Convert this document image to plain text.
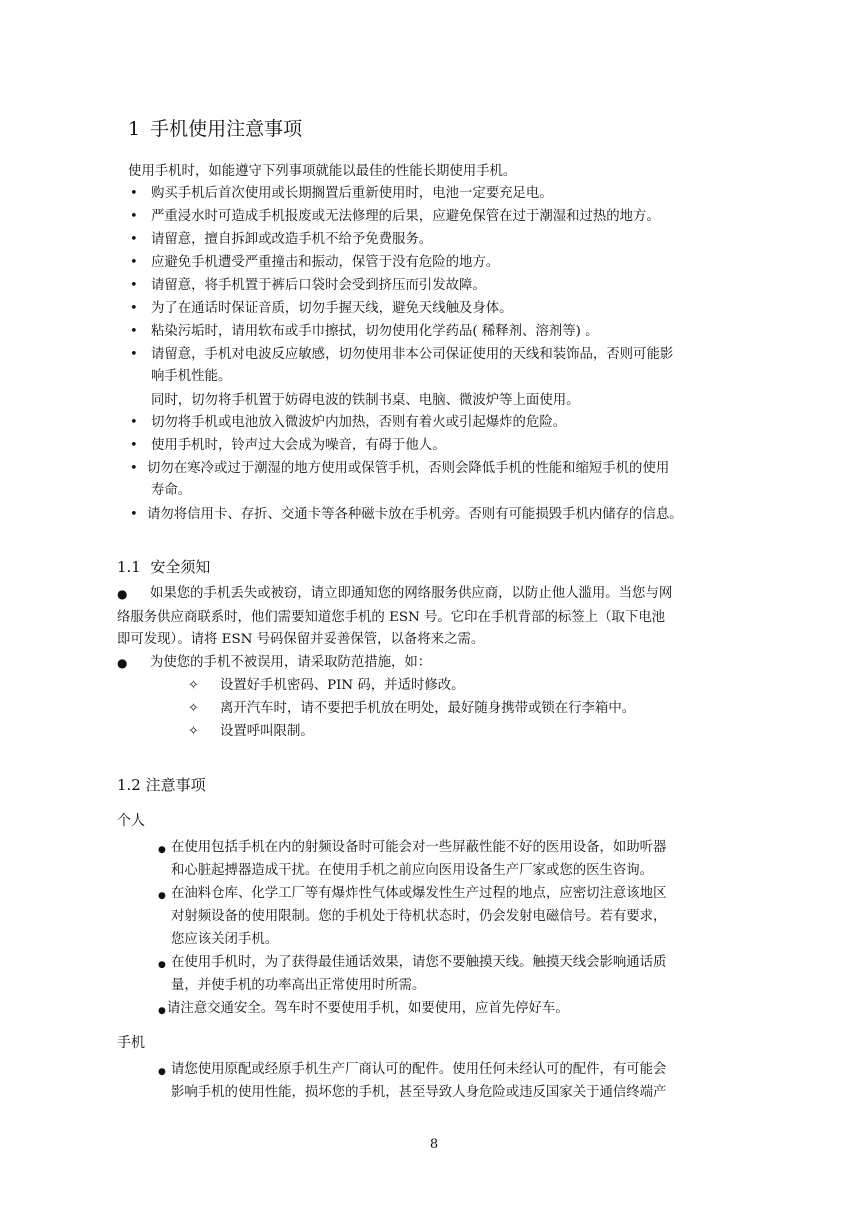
1 手机使用注意事项
使用手机时，如能遵守下列事项就能以最佳的性能长期使用手机。
• 购买手机后首次使用或长期搁置后重新使用时，电池一定要充足电。
• 严重浸水时可造成手机报废或无法修理的后果，应避免保管在过于潮湿和过热的地方。
• 请留意，擅自拆卸或改造手机不给予免费服务。
• 应避免手机遭受严重撞击和振动，保管于没有危险的地方。
• 请留意，将手机置于裤后口袋时会受到挤压而引发故障。
• 为了在通话时保证音质，切勿手握天线，避免天线触及身体。
• 粘染污垢时，请用软布或手巾擦拭，切勿使用化学药品( 稀释剂、溶剂等) 。
• 请留意，手机对电波反应敏感，切勿使用非本公司保证使用的天线和装饰品，否则可能影
响手机性能。
同时，切勿将手机置于妨碍电波的铁制书桌、电脑、微波炉等上面使用。
• 切勿将手机或电池放入微波炉内加热，否则有着火或引起爆炸的危险。
• 使用手机时，铃声过大会成为噪音，有碍于他人。
• 切勿在寒冷或过于潮湿的地方使用或保管手机，否则会降低手机的性能和缩短手机的使用
寿命。
• 请勿将信用卡、存折、交通卡等各种磁卡放在手机旁。否则有可能损毁手机内储存的信息。
1.1 安全须知
● 如果您的手机丢失或被窃，请立即通知您的网络服务供应商，以防止他人滥用。当您与网
络服务供应商联系时，他们需要知道您手机的 ESN 号。它印在手机背部的标签上（取下电池
即可发现）。请将 ESN 号码保留并妥善保管，以备将来之需。
● 为使您的手机不被误用，请采取防范措施，如：
✧ 设置好手机密码、PIN 码，并适时修改。
✧ 离开汽车时，请不要把手机放在明处，最好随身携带或锁在行李箱中。
✧ 设置呼叫限制。
1.2 注意事项
个人
● 在使用包括手机在内的射频设备时可能会对一些屏蔽性能不好的医用设备，如助听器
和心脏起搏器造成干扰。在使用手机之前应向医用设备生产厂家或您的医生咨询。
● 在油料仓库、化学工厂等有爆炸性气体或爆发性生产过程的地点，应密切注意该地区
对射频设备的使用限制。您的手机处于待机状态时，仍会发射电磁信号。若有要求，
您应该关闭手机。
● 在使用手机时，为了获得最佳通话效果，请您不要触摸天线。触摸天线会影响通话质
量，并使手机的功率高出正常使用时所需。
● 请注意交通安全。驾车时不要使用手机，如要使用，应首先停好车。
手机
● 请您使用原配或经原手机生产厂商认可的配件。使用任何未经认可的配件，有可能会
影响手机的使用性能，损坏您的手机，甚至导致人身危险或违反国家关于通信终端产
8
